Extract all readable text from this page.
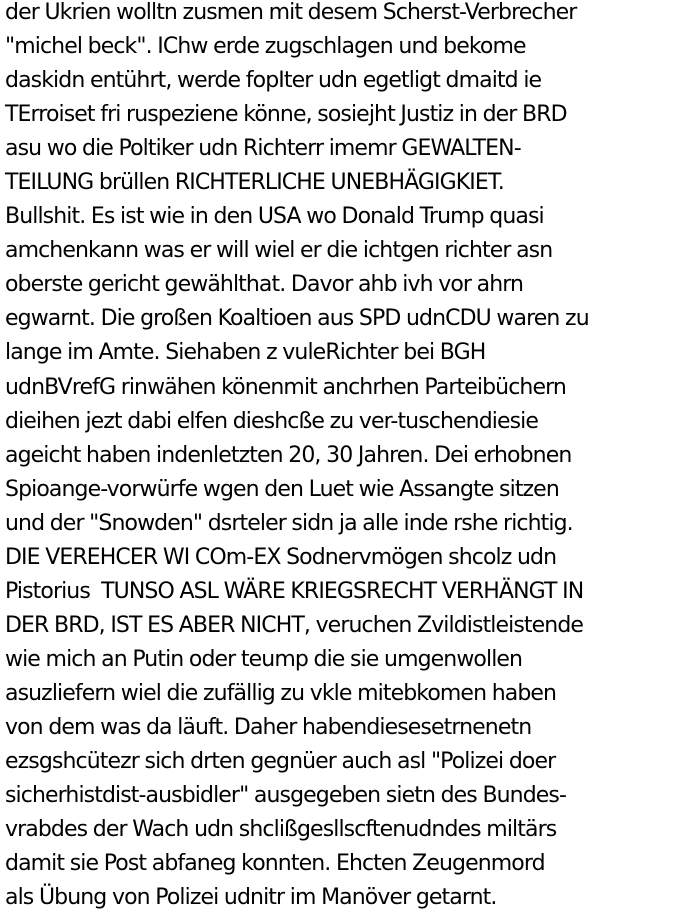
der Ukrien wolltn zusmen mit desem Scherst-Verbrecher
"michel beck". IChw erde zugschlagen und bekome
daskidn entührt, werde fopIter udn egetligt dmaitd ie
TErroiset fri ruspeziene könne, sosiejht Justiz in der BRD
asu wo die Poltiker udn Richterr imemr GEWALTEN-
TEILUNG brüllen RICHTERLICHE UNEBHÄGIGKIET.
Bullshit. Es ist wie in den USA wo Donald Trump quasi
amchenkann was er will wiel er die ichtgen richter asn
oberste gericht gewählthat. Davor ahb ivh vor ahrn
egwarnt. Die großen Koaltioen aus SPD udnCDU waren zu
lange im Amte. Siehaben z vuleRichter bei BGH
udnBVrefG rinwähen könenmit anchrhen Parteibüchern
dieihen jezt dabi elfen dieshcße zu ver-tuschendiesie
ageicht haben indenletzten 20, 30 Jahren. Dei erhobnen
Spioange-vorwürfe wgen den Luet wie Assangte sitzen
und der "Snowden" dsrteler sidn ja alle inde rshe richtig.
DIE VEREHCER WI COm-EX Sodnervmögen shcolz udn
Pistorius  TUNSO ASL WÄRE KRIEGSRECHT VERHÄNGT IN
DER BRD, IST ES ABER NICHT, veruchen Zvildistleistende
wie mich an Putin oder teump die sie umgenwollen
asuzliefern wiel die zufällig zu vkle mitebkomen haben
von dem was da läuft. Daher habendiesesetrnenetn
ezsgshcütezr sich drten gegnüer auch asl "Polizei doer
sicherhistdist-ausbidler" ausgegeben sietn des Bundes-
vrabdes der Wach udn shclißgesllscftenudndes miltärs
damit sie Post abfaneg konnten. Ehcten Zeugenmord
als Übung von Polizei udnitr im Manöver getarnt.
